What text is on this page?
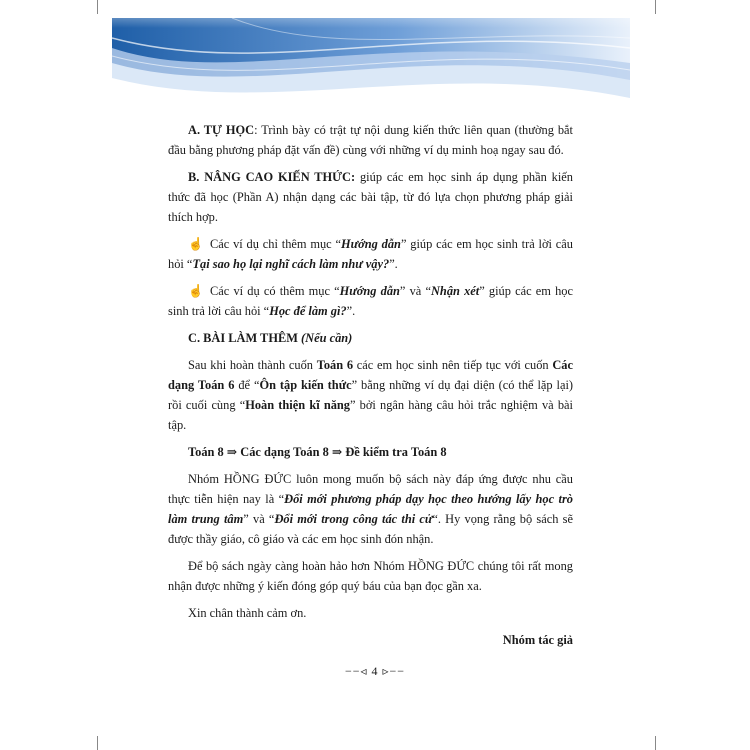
A. TỰ HỌC: Trình bày có trật tự nội dung kiến thức liên quan (thường bắt đầu bằng phương pháp đặt vấn đề) cùng với những ví dụ minh hoạ ngay sau đó.

B. NÂNG CAO KIẾN THỨC: giúp các em học sinh áp dụng phần kiến thức đã học (Phần A) nhận dạng các bài tập, từ đó lựa chọn phương pháp giải thích hợp.

☝ Các ví dụ chỉ thêm mục “Hướng dẫn” giúp các em học sinh trả lời câu hỏi “Tại sao họ lại nghĩ cách làm như vậy?”.

☝ Các ví dụ có thêm mục “Hướng dẫn” và “Nhận xét” giúp các em học sinh trả lời câu hỏi “Học để làm gì?”.

C. BÀI LÀM THÊM (Nếu cần)

Sau khi hoàn thành cuốn Toán 6 các em học sinh nên tiếp tục với cuốn Các dạng Toán 6 để “Ôn tập kiến thức” bằng những ví dụ đại diện (có thể lặp lại) rồi cuối cùng “Hoàn thiện kĩ năng” bởi ngân hàng câu hỏi trắc nghiệm và bài tập.

Toán 8 ⇒ Các dạng Toán 8 ⇒ Đề kiểm tra Toán 8

Nhóm HỒNG ĐỨC luôn mong muốn bộ sách này đáp ứng được nhu cầu thực tiễn hiện nay là “Đổi mới phương pháp dạy học theo hướng lấy học trò làm trung tâm” và “Đổi mới trong công tác thi cử“. Hy vọng rằng bộ sách sẽ được thầy giáo, cô giáo và các em học sinh đón nhận.

Để bộ sách ngày càng hoàn hảo hơn Nhóm HỒNG ĐỨC chúng tôi rất mong nhận được những ý kiến đóng góp quý báu của bạn đọc gần xa.

Xin chân thành cảm ơn.

Nhóm tác giả
−−◃ 4 ▹−−
